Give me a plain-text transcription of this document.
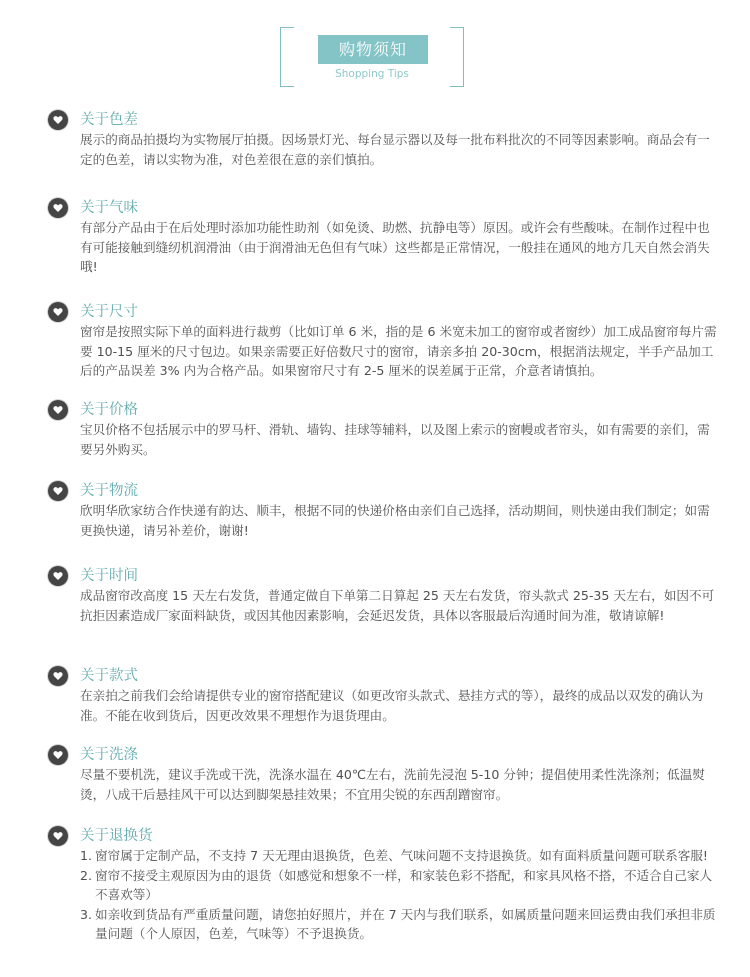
购物须知
Shopping Tips
关于色差

展示的商品拍摄均为实物展厅拍摄。因场景灯光、每台显示器以及每一批布料批次的不同等因素影响。商品会有一定的色差，请以实物为准，对色差很在意的亲们慎拍。

关于气味

有部分产品由于在后处理时添加功能性助剂（如免烫、助燃、抗静电等）原因。或许会有些酸味。在制作过程中也有可能接触到缝纫机润滑油（由于润滑油无色但有气味）这些都是正常情况，一般挂在通风的地方几天自然会消失哦!

关于尺寸

窗帘是按照实际下单的面料进行裁剪（比如订单 6 米，指的是 6 米宽未加工的窗帘或者窗纱）加工成品窗帘每片需要 10-15 厘米的尺寸包边。如果亲需要正好倍数尺寸的窗帘，请亲多拍 20-30cm，根据消法规定，半手产品加工后的产品误差 3% 内为合格产品。如果窗帘尺寸有 2-5 厘米的误差属于正常，介意者请慎拍。

关于价格

宝贝价格不包括展示中的罗马杆、滑轨、墙钩、挂球等辅料，以及图上索示的窗幔或者帘头，如有需要的亲们，需要另外购买。

关于物流

欣明华欣家纺合作快递有韵达、顺丰，根据不同的快递价格由亲们自己选择，活动期间，则快递由我们制定；如需更换快递，请另补差价，谢谢!

关于时间

成品窗帘改高度 15 天左右发货，普通定做自下单第二日算起 25 天左右发货，帘头款式 25-35 天左右，如因不可抗拒因素造成厂家面料缺货，或因其他因素影响，会延迟发货，具体以客服最后沟通时间为准，敬请谅解!

关于款式

在亲拍之前我们会给请提供专业的窗帘搭配建议（如更改帘头款式、悬挂方式的等），最终的成品以双发的确认为准。不能在收到货后，因更改效果不理想作为退货理由。

关于洗涤

尽量不要机洗，建议手洗或干洗，洗涤水温在 40℃左右，洗前先浸泡 5-10 分钟；提倡使用柔性洗涤剂；低温熨烫，八成干后悬挂风干可以达到脚架悬挂效果；不宜用尖锐的东西刮蹭窗帘。

关于退换货
1. 窗帘属于定制产品，不支持 7 天无理由退换货，色差、气味问题不支持退换货。如有面料质量问题可联系客服!
2. 窗帘不接受主观原因为由的退货（如感觉和想象不一样，和家装色彩不搭配，和家具风格不搭，不适合自己家人不喜欢等）
3. 如亲收到货品有严重质量问题，请您拍好照片，并在 7 天内与我们联系，如属质量问题来回运费由我们承担非质量问题（个人原因，色差，气味等）不予退换货。
